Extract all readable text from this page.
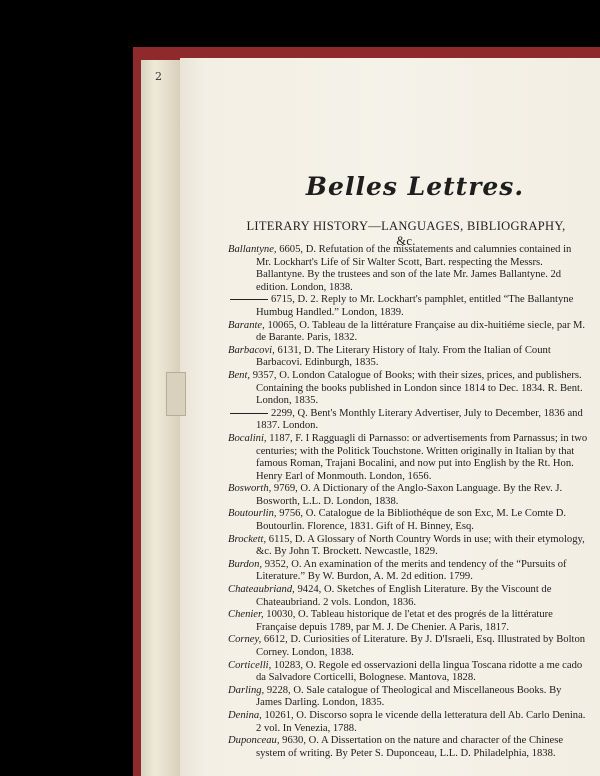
2
Belles Lettres.
LITERARY HISTORY—LANGUAGES, BIBLIOGRAPHY, &c.

Ballantyne, 6605, D. Refutation of the misstatements and calumnies contained in Mr. Lockhart's Life of Sir Walter Scott, Bart. respecting the Messrs. Ballantyne. By the trustees and son of the late Mr. James Ballantyne. 2d edition. London, 1838.

6715, D. 2. Reply to Mr. Lockhart's pamphlet, entitled “The Ballantyne Humbug Handled.” London, 1839.

Barante, 10065, O. Tableau de la littérature Française au dix-huitiéme siecle, par M. de Barante. Paris, 1832.

Barbacovi, 6131, D. The Literary History of Italy. From the Italian of Count Barbacovi. Edinburgh, 1835.

Bent, 9357, O. London Catalogue of Books; with their sizes, prices, and publishers. Containing the books published in London since 1814 to Dec. 1834. R. Bent. London, 1835.

2299, Q. Bent's Monthly Literary Advertiser, July to December, 1836 and 1837. London.

Bocalini, 1187, F. I Ragguagli di Parnasso: or advertisements from Parnassus; in two centuries; with the Politick Touchstone. Written originally in Italian by that famous Roman, Trajani Bocalini, and now put into English by the Rt. Hon. Henry Earl of Monmouth. London, 1656.

Bosworth, 9769, O. A Dictionary of the Anglo-Saxon Language. By the Rev. J. Bosworth, L.L. D. London, 1838.

Boutourlin, 9756, O. Catalogue de la Bibliothéque de son Exc, M. Le Comte D. Boutourlin. Florence, 1831. Gift of H. Binney, Esq.

Brockett, 6115, D. A Glossary of North Country Words in use; with their etymology, &c. By John T. Brockett. Newcastle, 1829.

Burdon, 9352, O. An examination of the merits and tendency of the “Pursuits of Literature.” By W. Burdon, A. M. 2d edition. 1799.

Chateaubriand, 9424, O. Sketches of English Literature. By the Viscount de Chateaubriand. 2 vols. London, 1836.

Chenier, 10030, O. Tableau historique de l'etat et des progrés de la littérature Française depuis 1789, par M. J. De Chenier. A Paris, 1817.

Corney, 6612, D. Curiosities of Literature. By J. D'Israeli, Esq. Illustrated by Bolton Corney. London, 1838.

Corticelli, 10283, O. Regole ed osservazioni della lingua Toscana ridotte a me cado da Salvadore Corticelli, Bolognese. Mantova, 1828.

Darling, 9228, O. Sale catalogue of Theological and Miscellaneous Books. By James Darling. London, 1835.

Denina, 10261, O. Discorso sopra le vicende della letteratura dell Ab. Carlo Denina. 2 vol. In Venezia, 1788.

Duponceau, 9630, O. A Dissertation on the nature and character of the Chinese system of writing. By Peter S. Duponceau, L.L. D. Philadelphia, 1838.
